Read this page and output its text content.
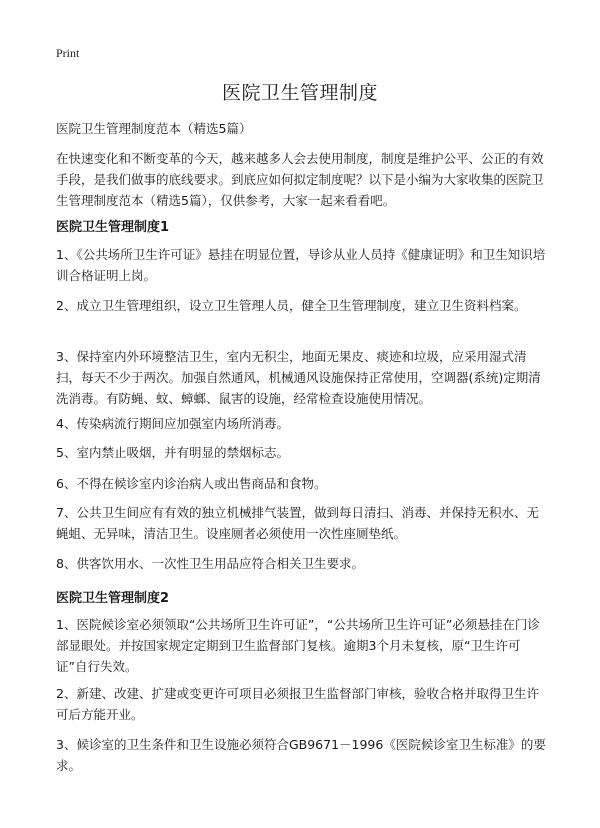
Print
医院卫生管理制度

医院卫生管理制度范本（精选5篇）

在快速变化和不断变革的今天，越来越多人会去使用制度，制度是维护公平、公正的有效手段，是我们做事的底线要求。到底应如何拟定制度呢？以下是小编为大家收集的医院卫生管理制度范本（精选5篇），仅供参考，大家一起来看看吧。

医院卫生管理制度1

1、《公共场所卫生许可证》悬挂在明显位置，导诊从业人员持《健康证明》和卫生知识培训合格证明上岗。

2、成立卫生管理组织，设立卫生管理人员，健全卫生管理制度，建立卫生资料档案。

3、保持室内外环境整洁卫生，室内无积尘，地面无果皮、痰迹和垃圾，应采用湿式清扫，每天不少于两次。加强自然通风，机械通风设施保持正常使用，空调器(系统)定期清洗消毒。有防蝇、蚊、蟑螂、鼠害的设施，经常检查设施使用情况。

4、传染病流行期间应加强室内场所消毒。

5、室内禁止吸烟，并有明显的禁烟标志。

6、不得在候诊室内诊治病人或出售商品和食物。

7、公共卫生间应有有效的独立机械排气装置，做到每日清扫、消毒、并保持无积水、无蝇蛆、无异味，清洁卫生。设座厕者必须使用一次性座厕垫纸。

8、供客饮用水、一次性卫生用品应符合相关卫生要求。

医院卫生管理制度2

1、医院候诊室必须领取“公共场所卫生许可证”，“公共场所卫生许可证”必须悬挂在门诊部显眼处。并按国家规定定期到卫生监督部门复核。逾期3个月未复核，原“卫生许可证”自行失效。

2、新建、改建、扩建或变更许可项目必须报卫生监督部门审核，验收合格并取得卫生许可后方能开业。

3、候诊室的卫生条件和卫生设施必须符合GB9671－1996《医院候诊室卫生标准》的要求。
